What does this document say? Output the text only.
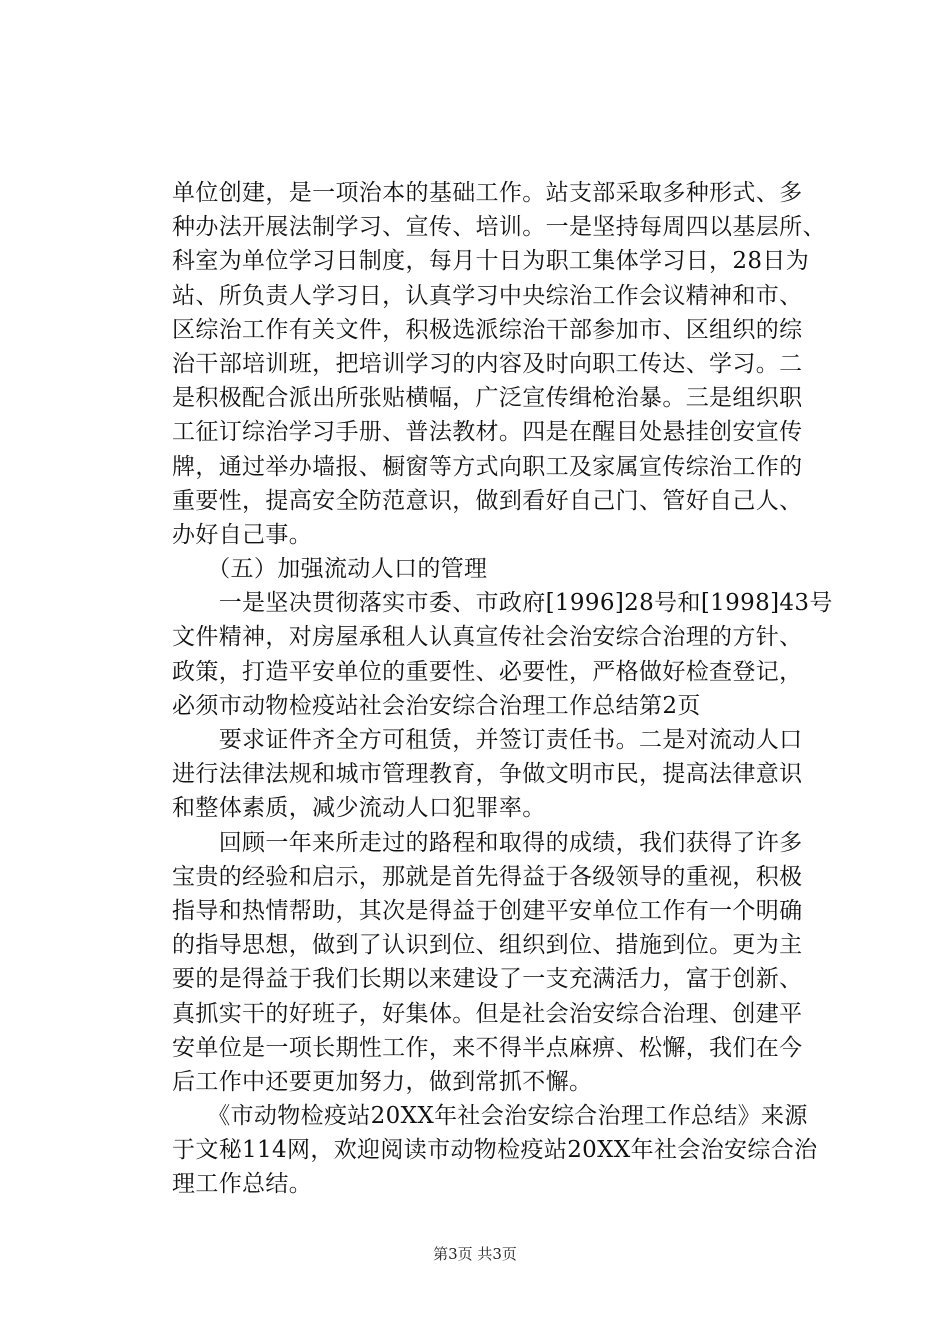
单位创建，是一项治本的基础工作。站支部采取多种形式、多
种办法开展法制学习、宣传、培训。一是坚持每周四以基层所、
科室为单位学习日制度，每月十日为职工集体学习日，28日为
站、所负责人学习日，认真学习中央综治工作会议精神和市、
区综治工作有关文件，积极选派综治干部参加市、区组织的综
治干部培训班，把培训学习的内容及时向职工传达、学习。二
是积极配合派出所张贴横幅，广泛宣传缉枪治暴。三是组织职
工征订综治学习手册、普法教材。四是在醒目处悬挂创安宣传
牌，通过举办墙报、橱窗等方式向职工及家属宣传综治工作的
重要性，提高安全防范意识，做到看好自己门、管好自己人、
办好自己事。
　　（五）加强流动人口的管理
　　一是坚决贯彻落实市委、市政府[1996]28号和[1998]43号
文件精神，对房屋承租人认真宣传社会治安综合治理的方针、
政策，打造平安单位的重要性、必要性，严格做好检查登记，
必须市动物检疫站社会治安综合治理工作总结第2页
　　要求证件齐全方可租赁，并签订责任书。二是对流动人口
进行法律法规和城市管理教育，争做文明市民，提高法律意识
和整体素质，减少流动人口犯罪率。
　　回顾一年来所走过的路程和取得的成绩，我们获得了许多
宝贵的经验和启示，那就是首先得益于各级领导的重视，积极
指导和热情帮助，其次是得益于创建平安单位工作有一个明确
的指导思想，做到了认识到位、组织到位、措施到位。更为主
要的是得益于我们长期以来建设了一支充满活力，富于创新、
真抓实干的好班子，好集体。但是社会治安综合治理、创建平
安单位是一项长期性工作，来不得半点麻痹、松懈，我们在今
后工作中还要更加努力，做到常抓不懈。
　　《市动物检疫站20XX年社会治安综合治理工作总结》来源
于文秘114网，欢迎阅读市动物检疫站20XX年社会治安综合治
理工作总结。
第3页 共3页
